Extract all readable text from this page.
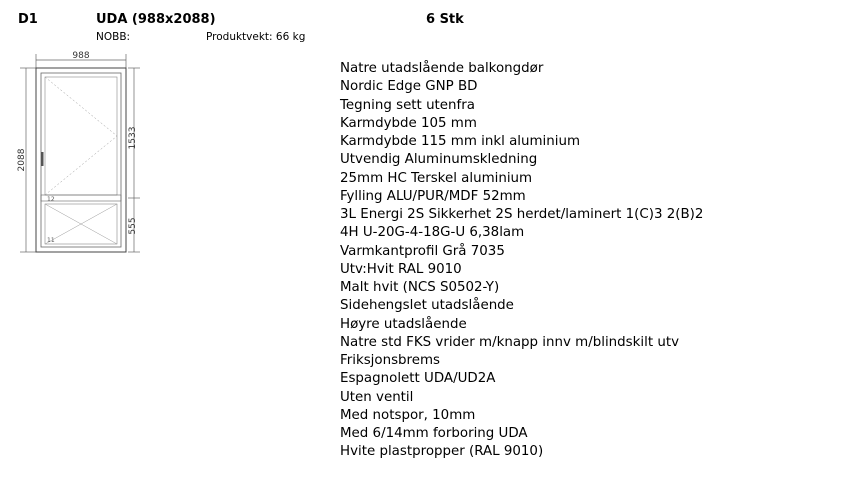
D1	UDA (988x2088)
NOBB:	Produktvekt: 66 kg
6 Stk
988
2088
1533
555
12
11
Natre utadslående balkongdør
Nordic Edge GNP BD
Tegning sett utenfra
Karmdybde 105 mm
Karmdybde 115 mm inkl aluminium
Utvendig Aluminumskledning
25mm HC Terskel aluminium
Fylling ALU/PUR/MDF 52mm
3L Energi 2S Sikkerhet 2S herdet/laminert 1(C)3 2(B)2
4H U-20G-4-18G-U 6,38lam
Varmkantprofil Grå 7035
Utv:Hvit RAL 9010
Malt hvit (NCS S0502-Y)
Sidehengslet utadslående
Høyre utadslående
Natre std FKS vrider m/knapp innv m/blindskilt utv
Friksjonsbrems
Espagnolett UDA/UD2A
Uten ventil
Med notspor, 10mm
Med 6/14mm forboring UDA
Hvite plastpropper (RAL 9010)
